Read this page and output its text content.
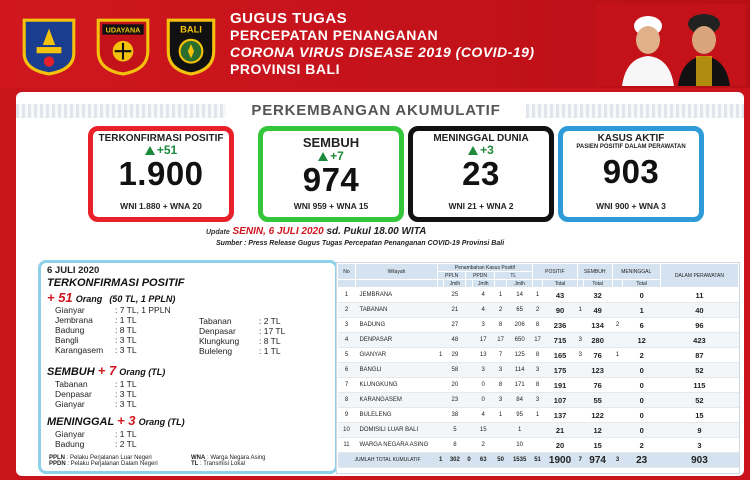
UDAYANA	BALI
GUGUS TUGAS
PERCEPATAN PENANGANAN
CORONA VIRUS DISEASE 2019 (COVID-19)
PROVINSI BALI
PERKEMBANGAN AKUMULATIF
TERKONFIRMASI POSITIF
+51
1.900
WNI 1.880 + WNA 20
SEMBUH
+7
974
WNI 959 + WNA 15
MENINGGAL DUNIA
+3
23
WNI 21 + WNA 2
KASUS AKTIF
PASIEN POSITIF DALAM PERAWATAN
903
WNI 900 + WNA 3
Update SENIN, 6 JULI 2020 sd. Pukul 18.00 WITA
Sumber : Press Release Gugus Tugas Percepatan Penanganan COVID-19 Provinsi Bali
6 JULI 2020
TERKONFIRMASI POSITIF
+ 51 Orang (50 TL, 1 PPLN)
Gianyar	: 7 TL, 1 PPLN
Jembrana	: 1 TL
Badung	: 8 TL
Bangli	: 3 TL
Karangasem : 3 TL
Tabanan	: 2 TL
Denpasar	: 17 TL
Klungkung : 8 TL
Buleleng	: 1 TL
SEMBUH + 7 Orang (TL)
Tabanan	: 1 TL
Denpasar	: 3 TL
Gianyar	: 3 TL
MENINGGAL + 3 Orang (TL)
Gianyar	: 1 TL
Badung	: 2 TL
PPLN : Pelaku Perjalanan Luar Negeri
PPDN : Pelaku Perjalanan Dalam Negeri
WNA : Warga Negara Asing
TL : Transmisi Lokal
No	Wilayah	Penambahan Kasus Positif						POSITIF		SEMBUH		MENINGGAL		DALAM PERAWATAN
		PPLN		PPDN		TL								
			Jmlh		Jmlh		Jmlh		Total		Total		Total	
1	JEMBRANA		25		4	1	14	1	43		32		0	11
2	TABANAN		21		4	2	65	2	90	1	49		1	40
3	BADUNG		27		3	8	206	8	236		134	2	6	96
4	DENPASAR		48		17	17	650	17	715	3	280		12	423
5	GIANYAR	1	29		13	7	125	8	165	3	76	1	2	87
6	BANGLI		58		3	3	114	3	175		123		0	52
7	KLUNGKUNG		20		0	8	171	8	191		76		0	115
8	KARANGASEM		23		0	3	84	3	107		55		0	52
9	BULELENG		38		4	1	95	1	137		122		0	15
10	DOMISILI LUAR BALI		5		15		1		21		12		0	9
11	WARGA NEGARA ASING		8		2		10		20		15		2	3
JUMLAH TOTAL KUMULATIF		1	302	0	63	50	1535	51	1900	7	974	3	23	903
